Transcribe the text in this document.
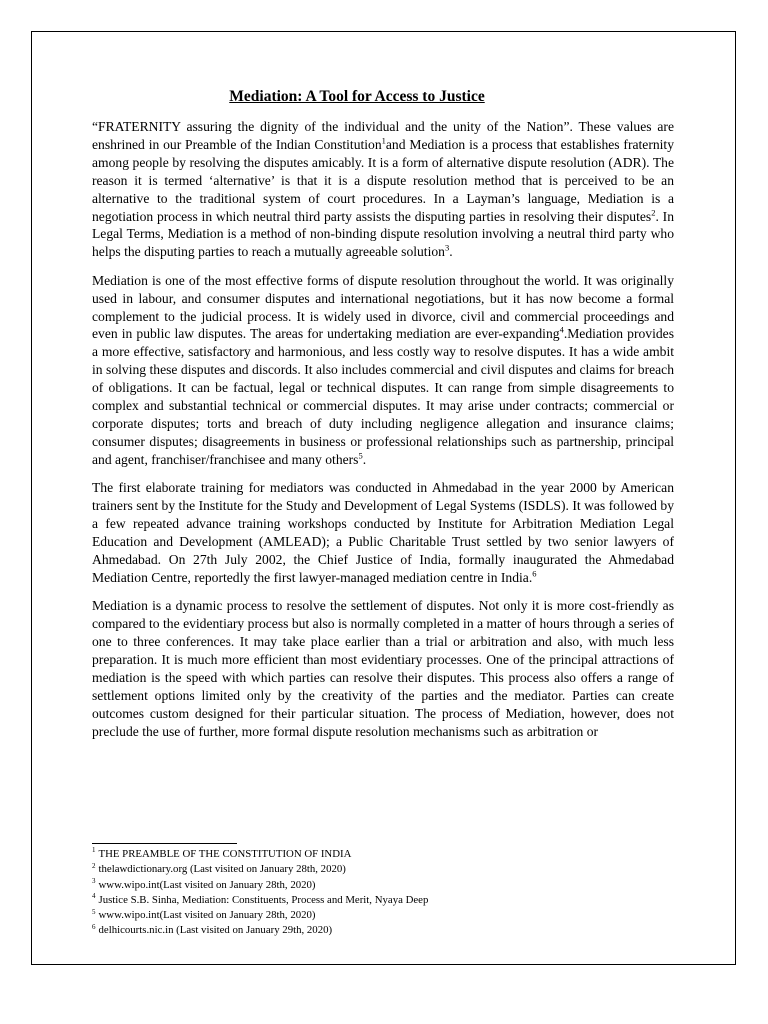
Mediation: A Tool for Access to Justice

“FRATERNITY assuring the dignity of the individual and the unity of the Nation”. These values are enshrined in our Preamble of the Indian Constitution$^1$and Mediation is a process that establishes fraternity among people by resolving the disputes amicably. It is a form of alternative dispute resolution (ADR). The reason it is termed ‘alternative’ is that it is a dispute resolution method that is perceived to be an alternative to the traditional system of court procedures. In a Layman’s language, Mediation is a negotiation process in which neutral third party assists the disputing parties in resolving their disputes$^2$. In Legal Terms, Mediation is a method of non-binding dispute resolution involving a neutral third party who helps the disputing parties to reach a mutually agreeable solution$^3$.

Mediation is one of the most effective forms of dispute resolution throughout the world. It was originally used in labour, and consumer disputes and international negotiations, but it has now become a formal complement to the judicial process. It is widely used in divorce, civil and commercial proceedings and even in public law disputes. The areas for undertaking mediation are ever-expanding$^4$.Mediation provides a more effective, satisfactory and harmonious, and less costly way to resolve disputes. It has a wide ambit in solving these disputes and discords. It also includes commercial and civil disputes and claims for breach of obligations. It can be factual, legal or technical disputes. It can range from simple disagreements to complex and substantial technical or commercial disputes. It may arise under contracts; commercial or corporate disputes; torts and breach of duty including negligence allegation and insurance claims; consumer disputes; disagreements in business or professional relationships such as partnership, principal and agent, franchiser/franchisee and many others$^5$.

The first elaborate training for mediators was conducted in Ahmedabad in the year 2000 by American trainers sent by the Institute for the Study and Development of Legal Systems (ISDLS). It was followed by a few repeated advance training workshops conducted by Institute for Arbitration Mediation Legal Education and Development (AMLEAD); a Public Charitable Trust settled by two senior lawyers of Ahmedabad. On 27th July 2002, the Chief Justice of India, formally inaugurated the Ahmedabad Mediation Centre, reportedly the first lawyer-managed mediation centre in India.$^6$

Mediation is a dynamic process to resolve the settlement of disputes. Not only it is more cost-friendly as compared to the evidentiary process but also is normally completed in a matter of hours through a series of one to three conferences. It may take place earlier than a trial or arbitration and also, with much less preparation. It is much more efficient than most evidentiary processes. One of the principal attractions of mediation is the speed with which parties can resolve their disputes. This process also offers a range of settlement options limited only by the creativity of the parties and the mediator. Parties can create outcomes custom designed for their particular situation. The process of Mediation, however, does not preclude the use of further, more formal dispute resolution mechanisms such as arbitration or

$^1$ THE PREAMBLE OF THE CONSTITUTION OF INDIA
$^2$ thelawdictionary.org (Last visited on January 28th, 2020)
$^3$ www.wipo.int(Last visited on January 28th, 2020)
$^4$ Justice S.B. Sinha, Mediation: Constituents, Process and Merit, Nyaya Deep
$^5$ www.wipo.int(Last visited on January 28th, 2020)
$^6$ delhicourts.nic.in (Last visited on January 29th, 2020)
